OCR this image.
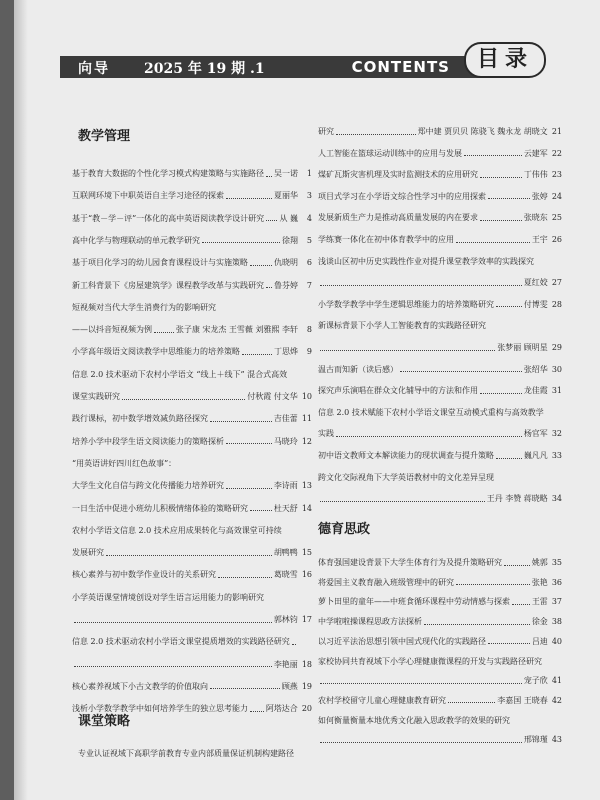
向导 2025 年 19 期 .1	CONTENTS	目录
教学管理
基于教育大数据的个性化学习模式构建策略与实施路径 吴一诺	1
互联网环境下中职英语自主学习途径的探索	夏丽华	3
基于“教－学－评”一体化的高中英语阅读教学设计研究 从 巍	4
高中化学与物理联动的单元教学研究	徐翔	5
基于项目化学习的幼儿园食育课程设计与实施策略	仇晓明	6
新工科背景下《房屋建筑学》课程教学改革与实践研究 鲁芬婷	7
短视频对当代大学生消费行为的影响研究
——以抖音短视频为例	张子康 宋龙杰 王雪薇 刘雅熙 李轩	8
小学高年级语文阅读教学中思维能力的培养策略	丁思烨	9
信息 2.0 技术驱动下农村小学语文 “线上＋线下” 混合式高效
课堂实践研究	付秋霞 付文华 10
践行课标，初中数学增效减负路径探究	吉佳蕾 11
培养小学中段学生语文阅读能力的策略探析	马晓玲 12
“用英语讲好四川红色故事”：
大学生文化自信与跨文化传播能力培养研究	李诗雨 13
一日生活中促进小班幼儿积极情绪体验的策略研究	杜天舒 14
农村小学语文信息 2.0 技术应用成果转化与高效课堂可持续
发展研究	胡鸭鸭 15
核心素养与初中数学作业设计的关系研究	葛晓雪 16
小学英语课堂情境创设对学生语言运用能力的影响研究
郭林钧 17
信息 2.0 技术驱动农村小学语文课堂提质增效的实践路径研究
李艳丽 18
核心素养视域下小古文教学的价值取向	顾燕 19
浅析小学数学教学中如何培养学生的独立思考能力 阿塔达合 20
课堂策略
专业认证视域下高职学前教育专业内部质量保证机制构建路径
研究	郑中建 贾贝贝 陈骁飞 魏永龙 胡晓文 21
人工智能在篮球运动训练中的应用与发展	云建军 22
煤矿瓦斯灾害机理及实时监测技术的应用研究	丁伟伟 23
项目式学习在小学语文综合性学习中的应用探索	张婷 24
发展新质生产力是推动高质量发展的内在要求	张晓东 25
学练赛一体化在初中体育教学中的应用	王宇 26
浅谈山区初中历史实践性作业对提升课堂教学效率的实践探究
夏红姣 27
小学数学教学中学生逻辑思维能力的培养策略研究	付博雯 28
新课标背景下小学人工智能教育的实践路径研究
张梦丽 顾明星 29
温古而知新（读后感）	张绍华 30
探究声乐演唱在群众文化辅导中的方法和作用	龙佳霞 31
信息 2.0 技术赋能下农村小学语文课堂互动模式重构与高效教学
实践	杨官军 32
初中语文教师文本解读能力的现状调查与提升策略	巍凡凡 33
跨文化交际视角下大学英语教材中的文化差异呈现
王丹 李赞 蒋晓略 34
德育思政
体育强国建设背景下大学生体育行为及提升策略研究	姚郭 35
将爱国主义教育融入班级管理中的研究	张艳 36
萝卜田里的童年——中班食循环课程中劳动情感与探索	王雷 37
中学啦啦操课程思政方法探析	徐金 38
以习近平法治思想引领中国式现代化的实践路径	吕迪 40
家校协同共育视域下小学心理健康微课程的开发与实践路径研究
宠子欣 41
农村学校留守儿童心理健康教育研究	李嘉国 王晓春 42
如何衡量衡量本地优秀文化融入思政教学的效果的研究
邢锦瑾 43
